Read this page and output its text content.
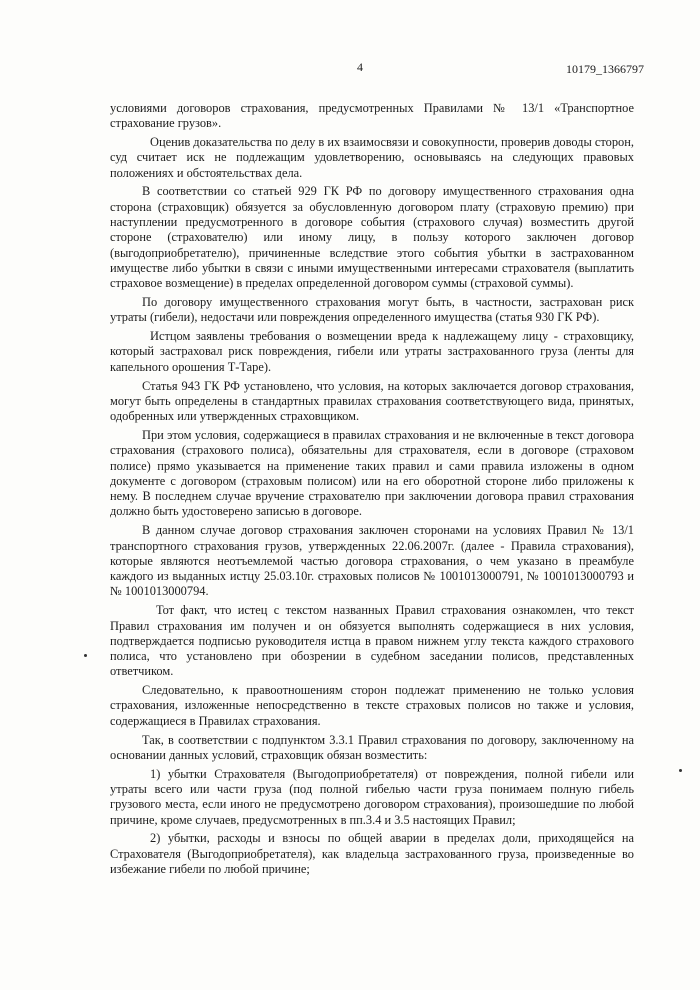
4	10179_1366797

условиями договоров страхования, предусмотренных Правилами № 13/1 «Транспортное страхование грузов».

Оценив доказательства по делу в их взаимосвязи и совокупности, проверив доводы сторон, суд считает иск не подлежащим удовлетворению, основываясь на следующих правовых положениях и обстоятельствах дела.

В соответствии со статьей 929 ГК РФ по договору имущественного страхования одна сторона (страховщик) обязуется за обусловленную договором плату (страховую премию) при наступлении предусмотренного в договоре события (страхового случая) возместить другой стороне (страхователю) или иному лицу, в пользу которого заключен договор (выгодоприобретателю), причиненные вследствие этого события убытки в застрахованном имуществе либо убытки в связи с иными имущественными интересами страхователя (выплатить страховое возмещение) в пределах определенной договором суммы (страховой суммы).

По договору имущественного страхования могут быть, в частности, застрахован риск утраты (гибели), недостачи или повреждения определенного имущества (статья 930 ГК РФ).

Истцом заявлены требования о возмещении вреда к надлежащему лицу - страховщику, который застраховал риск повреждения, гибели или утраты застрахованного груза (ленты для капельного орошения Т-Таре).

Статья 943 ГК РФ установлено, что условия, на которых заключается договор страхования, могут быть определены в стандартных правилах страхования соответствующего вида, принятых, одобренных или утвержденных страховщиком.

При этом условия, содержащиеся в правилах страхования и не включенные в текст договора страхования (страхового полиса), обязательны для страхователя, если в договоре (страховом полисе) прямо указывается на применение таких правил и сами правила изложены в одном документе с договором (страховым полисом) или на его оборотной стороне либо приложены к нему. В последнем случае вручение страхователю при заключении договора правил страхования должно быть удостоверено записью в договоре.

В данном случае договор страхования заключен сторонами на условиях Правил № 13/1 транспортного страхования грузов, утвержденных 22.06.2007г. (далее - Правила страхования), которые являются неотъемлемой частью договора страхования, о чем указано в преамбуле каждого из выданных истцу 25.03.10г. страховых полисов № 1001013000791, № 1001013000793 и № 1001013000794.

Тот факт, что истец с текстом названных Правил страхования ознакомлен, что текст Правил страхования им получен и он обязуется выполнять содержащиеся в них условия, подтверждается подписью руководителя истца в правом нижнем углу текста каждого страхового полиса, что установлено при обозрении в судебном заседании полисов, представленных ответчиком.

Следовательно, к правоотношениям сторон подлежат применению не только условия страхования, изложенные непосредственно в тексте страховых полисов но также и условия, содержащиеся в Правилах страхования.

Так, в соответствии с подпунктом 3.3.1 Правил страхования по договору, заключенному на основании данных условий, страховщик обязан возместить:

1) убытки Страхователя (Выгодоприобретателя) от повреждения, полной гибели или утраты всего или части груза (под полной гибелью части груза понимаем полную гибель грузового места, если иного не предусмотрено договором страхования), произошедшие по любой причине, кроме случаев, предусмотренных в пп.3.4 и 3.5 настоящих Правил;

2) убытки, расходы и взносы по общей аварии в пределах доли, приходящейся на Страхователя (Выгодоприобретателя), как владельца застрахованного груза, произведенные во избежание гибели по любой причине;
